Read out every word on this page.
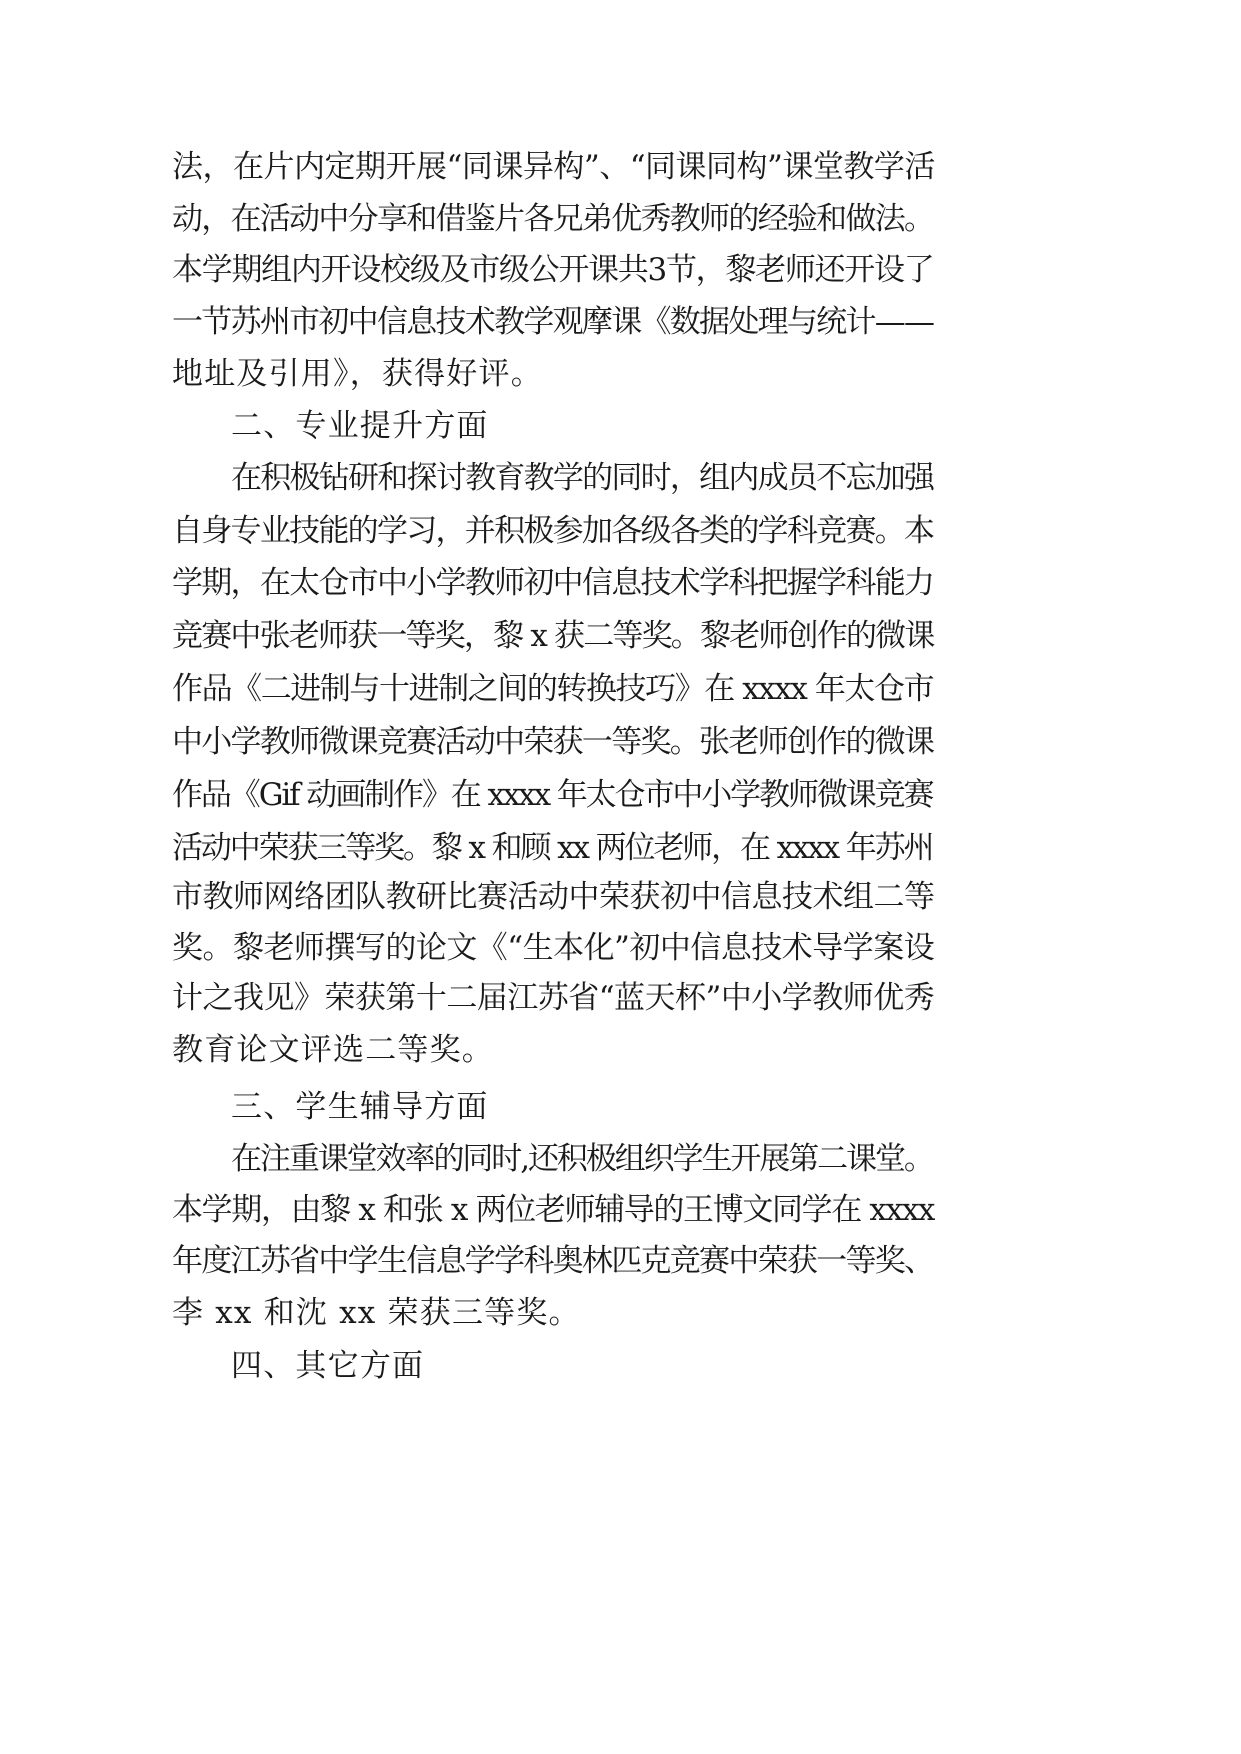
法，在片内定期开展“同课异构”、“同课同构”课堂教学活
动，在活动中分享和借鉴片各兄弟优秀教师的经验和做法。
本学期组内开设校级及市级公开课共3节，黎老师还开设了
一节苏州市初中信息技术教学观摩课《数据处理与统计——
地址及引用》，获得好评。
二、专业提升方面
在积极钻研和探讨教育教学的同时，组内成员不忘加强
自身专业技能的学习，并积极参加各级各类的学科竞赛。本
学期，在太仓市中小学教师初中信息技术学科把握学科能力
竞赛中张老师获一等奖，黎 x 获二等奖。黎老师创作的微课
作品《二进制与十进制之间的转换技巧》在 xxxx 年太仓市
中小学教师微课竞赛活动中荣获一等奖。张老师创作的微课
作品《Gif 动画制作》在 xxxx 年太仓市中小学教师微课竞赛
活动中荣获三等奖。黎 x 和顾 xx 两位老师，在 xxxx 年苏州
市教师网络团队教研比赛活动中荣获初中信息技术组二等
奖。黎老师撰写的论文《“生本化”初中信息技术导学案设
计之我见》荣获第十二届江苏省“蓝天杯”中小学教师优秀
教育论文评选二等奖。
三、学生辅导方面
在注重课堂效率的同时,还积极组织学生开展第二课堂。
本学期，由黎 x 和张 x 两位老师辅导的王博文同学在 xxxx
年度江苏省中学生信息学学科奥林匹克竞赛中荣获一等奖、
李 xx 和沈 xx 荣获三等奖。
四、其它方面
